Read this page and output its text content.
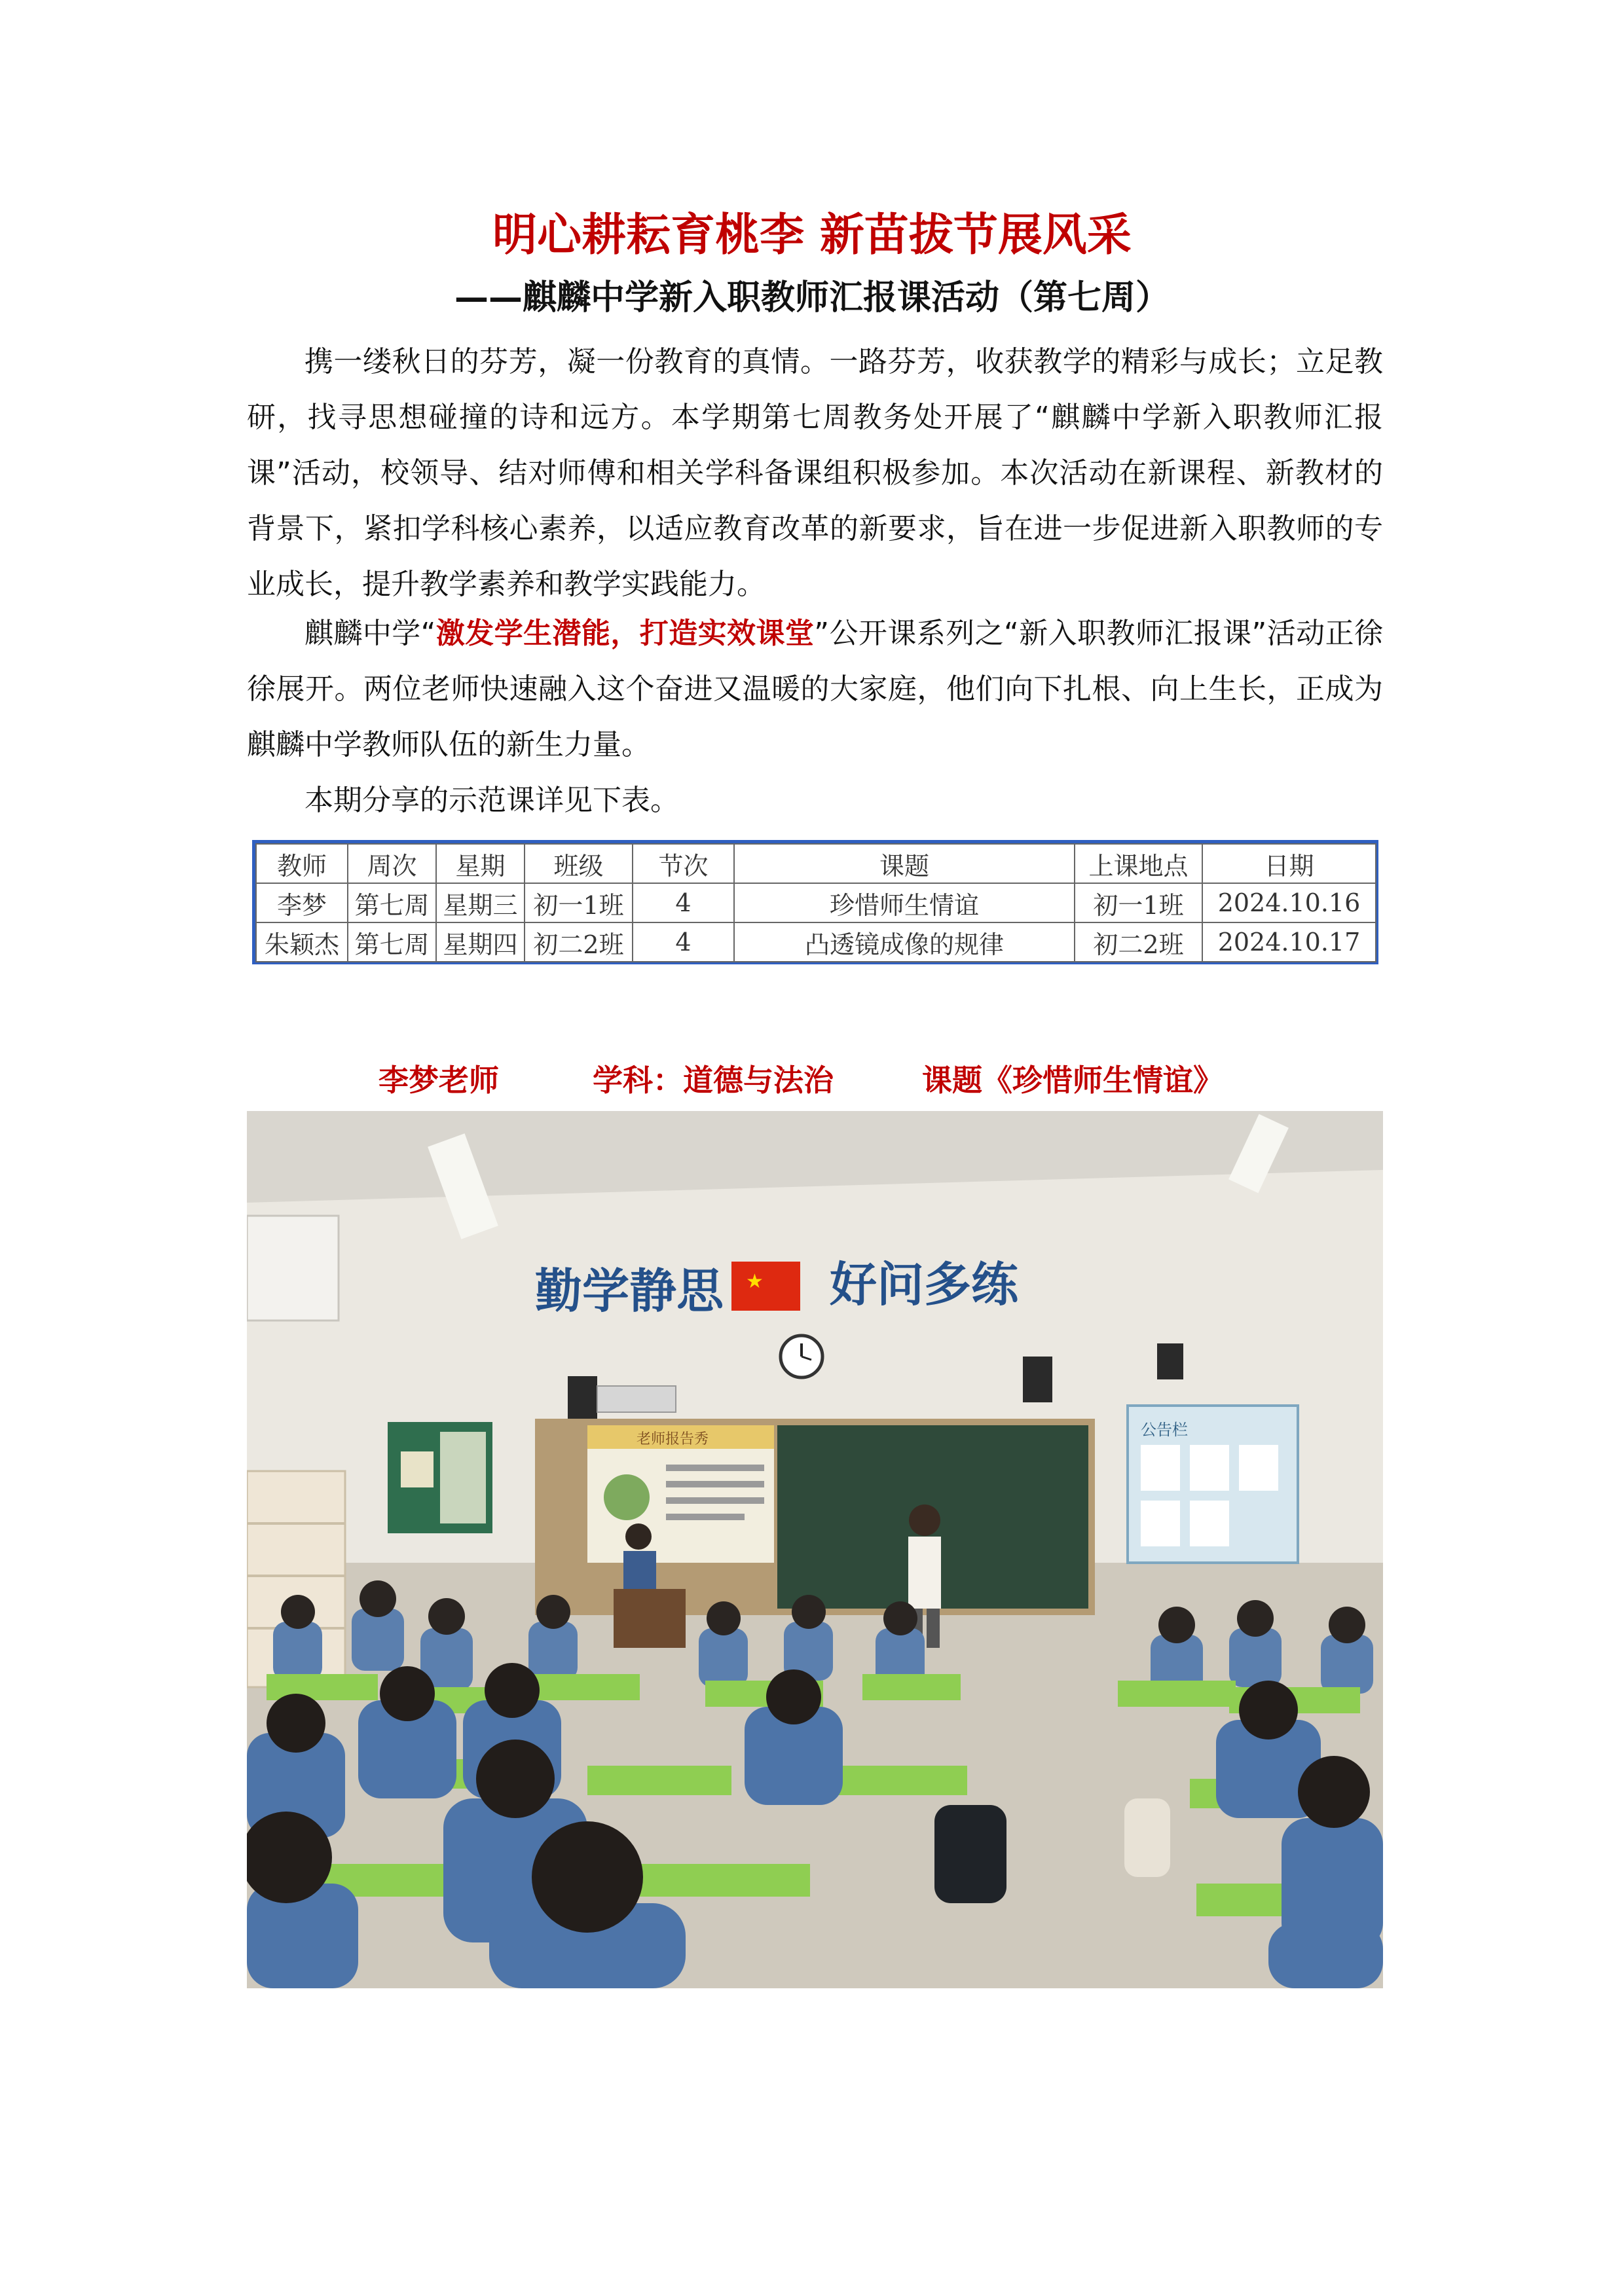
明心耕耘育桃李 新苗拔节展风采
——麒麟中学新入职教师汇报课活动（第七周）

携一缕秋日的芬芳，凝一份教育的真情。一路芬芳，收获教学的精彩与成长；立足教研，找寻思想碰撞的诗和远方。本学期第七周教务处开展了“麒麟中学新入职教师汇报课”活动，校领导、结对师傅和相关学科备课组积极参加。本次活动在新课程、新教材的背景下，紧扣学科核心素养，以适应教育改革的新要求，旨在进一步促进新入职教师的专业成长，提升教学素养和教学实践能力。

麒麟中学“激发学生潜能，打造实效课堂”公开课系列之“新入职教师汇报课”活动正徐徐展开。两位老师快速融入这个奋进又温暖的大家庭，他们向下扎根、向上生长，正成为麒麟中学教师队伍的新生力量。

本期分享的示范课详见下表。

教师	周次	星期	班级	节次	课题	上课地点	日期
李梦	第七周	星期三	初一1班	4	珍惜师生情谊	初一1班	2024.10.16
朱颖杰	第七周	星期四	初二2班	4	凸透镜成像的规律	初二2班	2024.10.17
李梦老师	学科：道德与法治	课题《珍惜师生情谊》
勤学静思 ★ 好问多练
老师报告秀
公告栏
